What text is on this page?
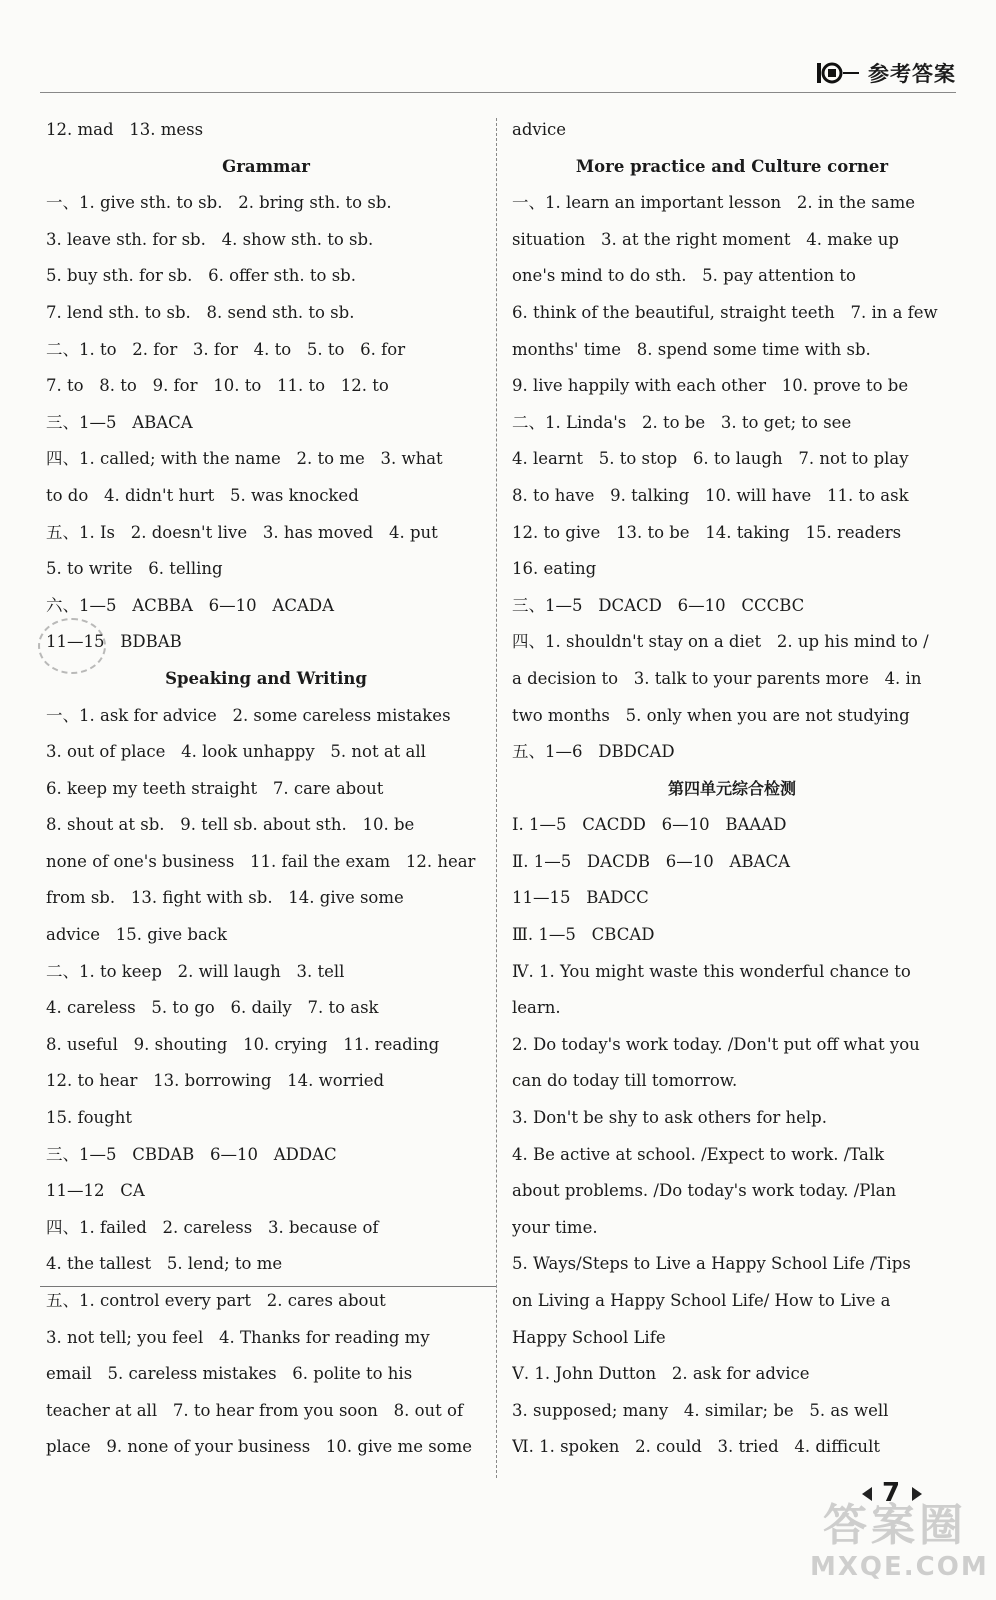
参考答案
12. mad   13. mess
Grammar
一、1. give sth. to sb.   2. bring sth. to sb.
3. leave sth. for sb.   4. show sth. to sb.
5. buy sth. for sb.   6. offer sth. to sb.
7. lend sth. to sb.   8. send sth. to sb.
二、1. to   2. for   3. for   4. to   5. to   6. for
7. to   8. to   9. for   10. to   11. to   12. to
三、1—5   ABACA
四、1. called; with the name   2. to me   3. what
to do   4. didn't hurt   5. was knocked
五、1. Is   2. doesn't live   3. has moved   4. put
5. to write   6. telling
六、1—5   ACBBA   6—10   ACADA
11—15   BDBAB
Speaking and Writing
一、1. ask for advice   2. some careless mistakes
3. out of place   4. look unhappy   5. not at all
6. keep my teeth straight   7. care about
8. shout at sb.   9. tell sb. about sth.   10. be
none of one's business   11. fail the exam   12. hear
from sb.   13. fight with sb.   14. give some
advice   15. give back
二、1. to keep   2. will laugh   3. tell
4. careless   5. to go   6. daily   7. to ask
8. useful   9. shouting   10. crying   11. reading
12. to hear   13. borrowing   14. worried
15. fought
三、1—5   CBDAB   6—10   ADDAC
11—12   CA
四、1. failed   2. careless   3. because of
4. the tallest   5. lend; to me
五、1. control every part   2. cares about
3. not tell; you feel   4. Thanks for reading my
email   5. careless mistakes   6. polite to his
teacher at all   7. to hear from you soon   8. out of
place   9. none of your business   10. give me some
advice
More practice and Culture corner
一、1. learn an important lesson   2. in the same
situation   3. at the right moment   4. make up
one's mind to do sth.   5. pay attention to
6. think of the beautiful, straight teeth   7. in a few
months' time   8. spend some time with sb.
9. live happily with each other   10. prove to be
二、1. Linda's   2. to be   3. to get; to see
4. learnt   5. to stop   6. to laugh   7. not to play
8. to have   9. talking   10. will have   11. to ask
12. to give   13. to be   14. taking   15. readers
16. eating
三、1—5   DCACD   6—10   CCCBC
四、1. shouldn't stay on a diet   2. up his mind to /
a decision to   3. talk to your parents more   4. in
two months   5. only when you are not studying
五、1—6   DBDCAD
第四单元综合检测
Ⅰ. 1—5   CACDD   6—10   BAAAD
Ⅱ. 1—5   DACDB   6—10   ABACA
11—15   BADCC
Ⅲ. 1—5   CBCAD
Ⅳ. 1. You might waste this wonderful chance to
learn.
2. Do today's work today. /Don't put off what you
can do today till tomorrow.
3. Don't be shy to ask others for help.
4. Be active at school. /Expect to work. /Talk
about problems. /Do today's work today. /Plan
your time.
5. Ways/Steps to Live a Happy School Life /Tips
on Living a Happy School Life/ How to Live a
Happy School Life
Ⅴ. 1. John Dutton   2. ask for advice
3. supposed; many   4. similar; be   5. as well
Ⅵ. 1. spoken   2. could   3. tried   4. difficult
7
答案圈
MXQE.COM
